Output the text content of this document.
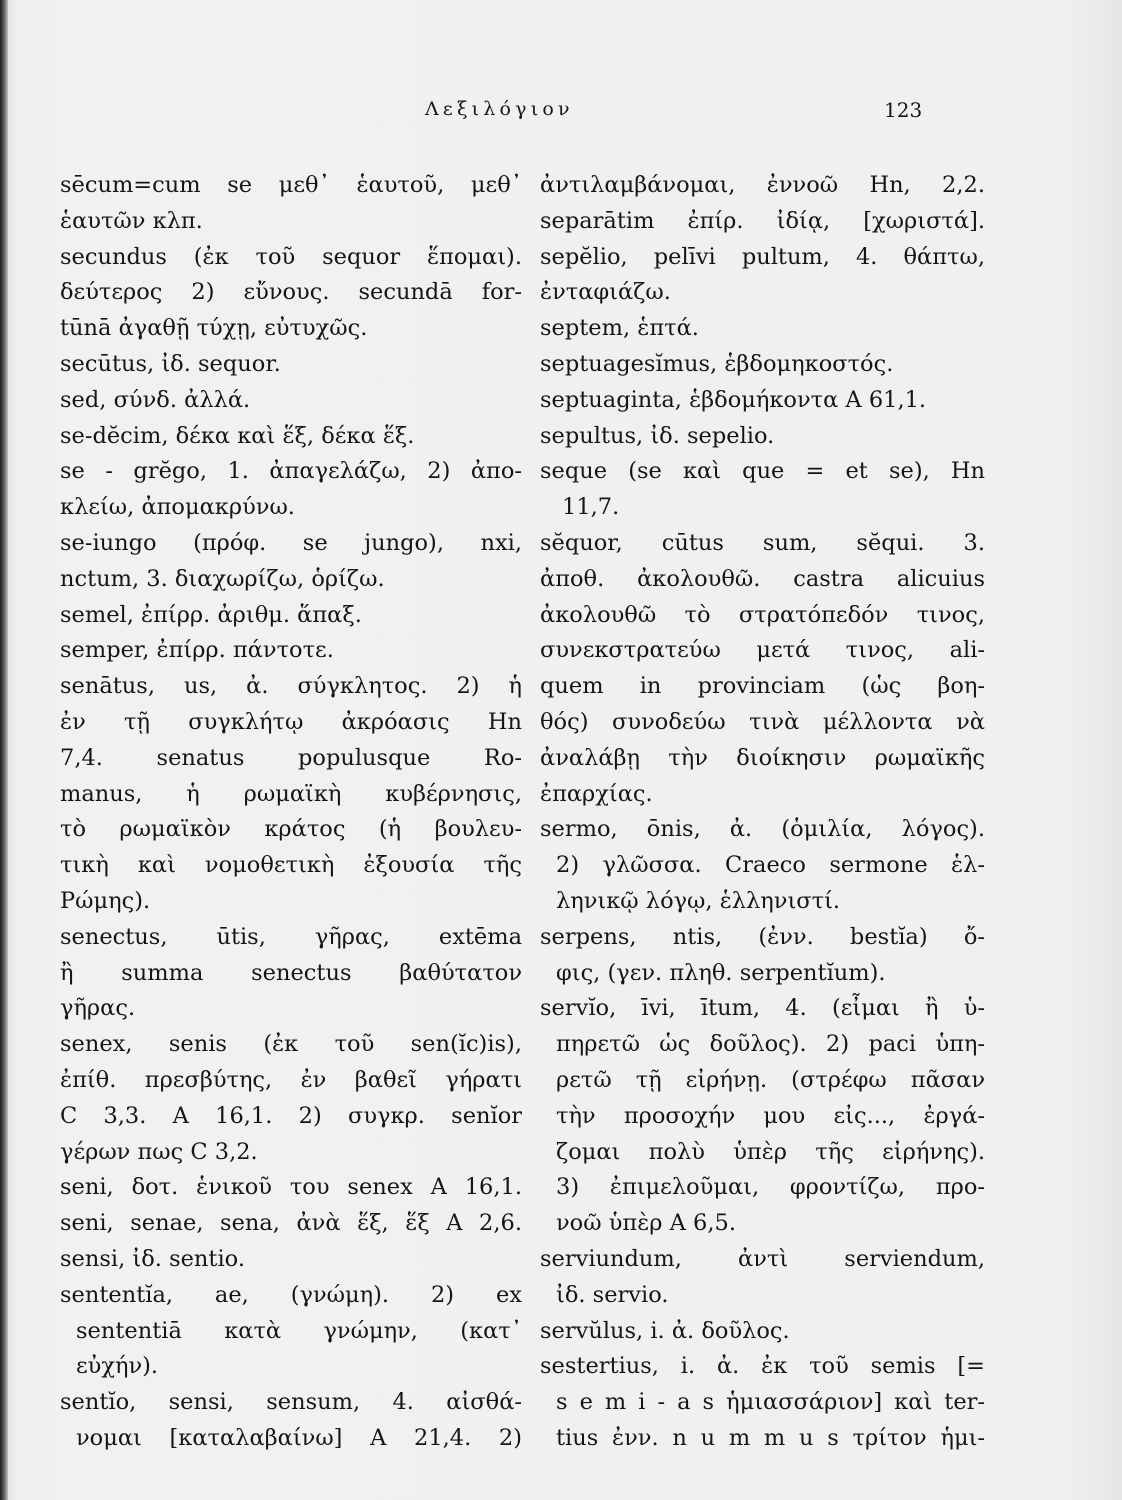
Λεξιλόγιον	123
sēcum=cum se μεθ᾽ ἑαυτοῦ, μεθ᾽
ἑαυτῶν κλπ.
secundus (ἐκ τοῦ sequor ἕπομαι).
δεύτερος 2) εὔνους. secundā for-
tūnā ἀγαθῇ τύχῃ, εὐτυχῶς.
secūtus, ἰδ. sequor.
sed, σύνδ. ἀλλά.
se-dĕcim, δέκα καὶ ἕξ, δέκα ἕξ.
se - grĕgo, 1. ἀπαγελάζω, 2) ἀπο-
κλείω, ἀπομακρύνω.
se-iungo (πρόφ. se jungo), nxi,
nctum, 3. διαχωρίζω, ὁρίζω.
semel, ἐπίρρ. ἀριθμ. ἅπαξ.
semper, ἐπίρρ. πάντοτε.
senātus, us, ἀ. σύγκλητος. 2) ἡ
ἐν τῇ συγκλήτῳ ἀκρόασις Hn
7,4. senatus populusque Ro-
manus, ἡ ρωμαϊκὴ κυβέρνησις,
τὸ ρωμαϊκὸν κράτος (ἡ βουλευ-
τικὴ καὶ νομοθετικὴ ἐξουσία τῆς
Ρώμης).
senectus, ūtis, γῆρας, extēma
ἢ summa senectus βαθύτατον
γῆρας.
senex, senis (ἐκ τοῦ sen(ĭc)is),
ἐπίθ. πρεσβύτης, ἐν βαθεῖ γήρατι
C 3,3. A 16,1. 2) συγκρ. senĭor
γέρων πως C 3,2.
seni, δοτ. ἑνικοῦ του senex A 16,1.
seni, senae, sena, ἀνὰ ἕξ, ἕξ A 2,6.
sensi, ἰδ. sentio.
sententĭa, ae, (γνώμη). 2) ex
sententiā κατὰ γνώμην, (κατ᾽
εὐχήν).
sentĭo, sensi, sensum, 4. αἰσθά-
νομαι [καταλαβαίνω] A 21,4. 2)
ἀντιλαμβάνομαι, ἐννοῶ Hn, 2,2.
separātim ἐπίρ. ἰδίᾳ, [χωριστά].
sepĕlio, pelīvi pultum, 4. θάπτω,
ἐνταφιάζω.
septem, ἑπτά.
septuagesĭmus, ἑβδομηκοστός.
septuaginta, ἑβδομήκοντα A 61,1.
sepultus, ἰδ. sepelio.
seque (se καὶ que = et se), Hn
11,7.
sĕquor, cūtus sum, sĕqui. 3.
ἀποθ. ἀκολουθῶ. castra alicuius
ἀκολουθῶ τὸ στρατόπεδόν τινος,
συνεκστρατεύω μετά τινος, ali-
quem in provinciam (ὡς βοη-
θός) συνοδεύω τινὰ μέλλοντα νὰ
ἀναλάβῃ τὴν διοίκησιν ρωμαϊκῆς
ἐπαρχίας.
sermo, ōnis, ἀ. (ὁμιλία, λόγος).
2) γλῶσσα. Craeco sermone ἑλ-
ληνικῷ λόγῳ, ἑλληνιστί.
serpens, ntis, (ἐνν. bestĭa) ὄ-
φις, (γεν. πληθ. serpentĭum).
servĭo, īvi, ītum, 4. (εἶμαι ἢ ὑ-
πηρετῶ ὡς δοῦλος). 2) paci ὑπη-
ρετῶ τῇ εἰρήνῃ. (στρέφω πᾶσαν
τὴν προσοχήν μου εἰς..., ἐργά-
ζομαι πολὺ ὑπὲρ τῆς εἰρήνης).
3) ἐπιμελοῦμαι, φροντίζω, προ-
νοῶ ὑπὲρ A 6,5.
serviundum, ἀντὶ serviendum,
ἰδ. servio.
servŭlus, i. ἀ. δοῦλος.
sestertius, i. ἀ. ἐκ τοῦ semis [=
s e m i - a s ἡμιασσάριον] καὶ ter-
tius ἐνν. n u m m u s τρίτον ἡμι-
